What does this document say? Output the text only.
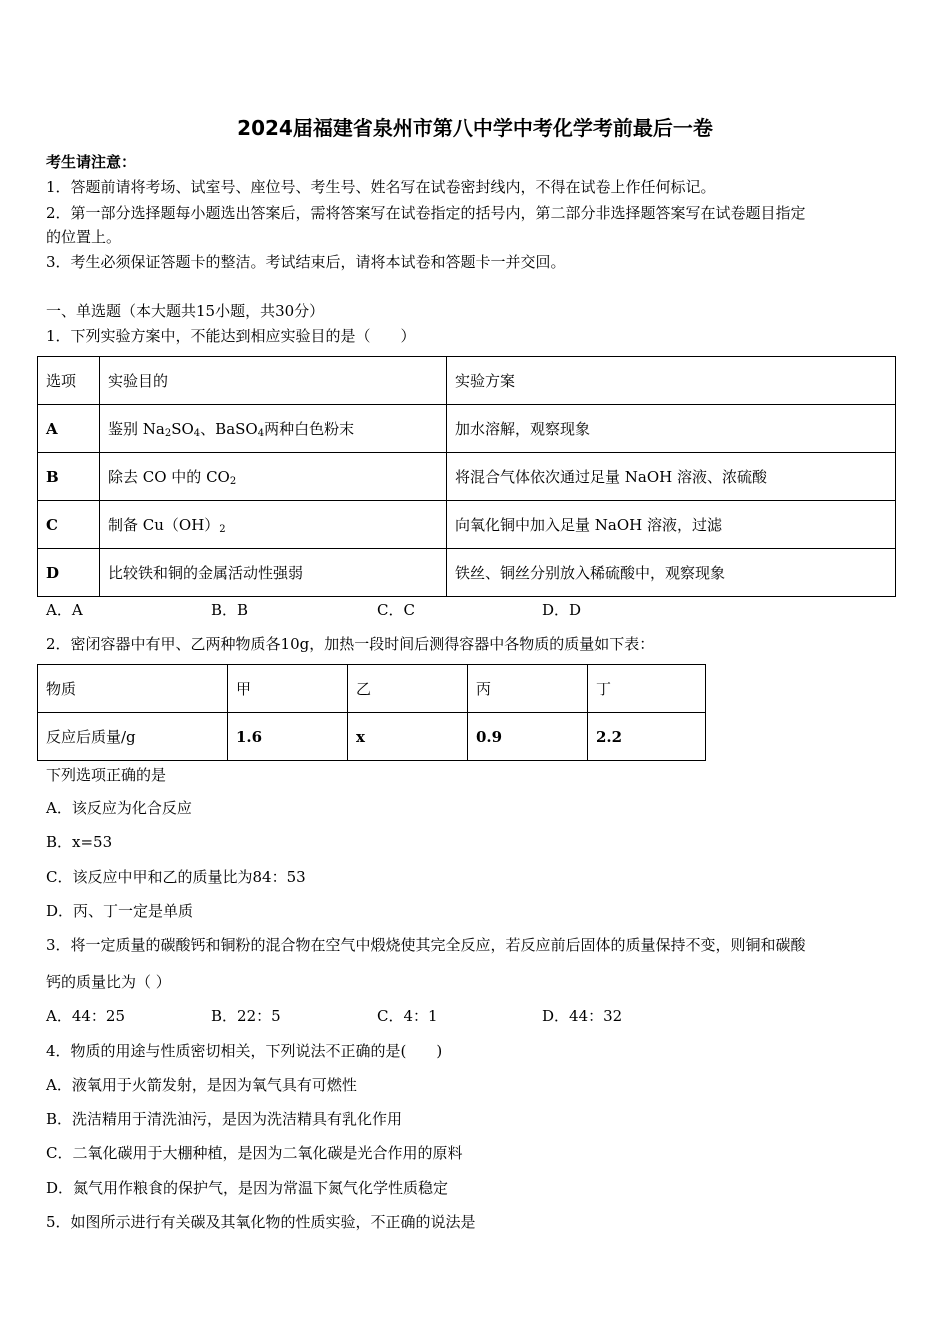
2024届福建省泉州市第八中学中考化学考前最后一卷
考生请注意：
1．答题前请将考场、试室号、座位号、考生号、姓名写在试卷密封线内，不得在试卷上作任何标记。
2．第一部分选择题每小题选出答案后，需将答案写在试卷指定的括号内，第二部分非选择题答案写在试卷题目指定
的位置上。
3．考生必须保证答题卡的整洁。考试结束后，请将本试卷和答题卡一并交回。
一、单选题（本大题共15小题，共30分）
1．下列实验方案中，不能达到相应实验目的是（　　）
选项	实验目的	实验方案
A	鉴别 $Na_2SO_4$、BaSO$_4$两种白色粉末	加水溶解，观察现象
B	除去 CO 中的 $CO_2$	将混合气体依次通过足量 NaOH 溶液、浓硫酸
C	制备 $Cu(OH)_2$	向氧化铜中加入足量 NaOH 溶液，过滤
D	比较铁和铜的金属活动性强弱	铁丝、铜丝分别放入稀硫酸中，观察现象
A．A	B．B	C．C	D．D
2．密闭容器中有甲、乙两种物质各10g，加热一段时间后测得容器中各物质的质量如下表：
物质	甲	乙	丙	丁
反应后质量/g	1.6	x	0.9	2.2
下列选项正确的是
A．该反应为化合反应
B．x=53
C．该反应中甲和乙的质量比为84：53
D．丙、丁一定是单质
3．将一定质量的碳酸钙和铜粉的混合物在空气中煅烧使其完全反应，若反应前后固体的质量保持不变，则铜和碳酸
钙的质量比为（ ）
A．44：25	B．22：5	C．4：1	D．44：32
4．物质的用途与性质密切相关，下列说法不正确的是(　　)
A．液氧用于火箭发射，是因为氧气具有可燃性
B．洗洁精用于清洗油污，是因为洗洁精具有乳化作用
C．二氧化碳用于大棚种植，是因为二氧化碳是光合作用的原料
D．氮气用作粮食的保护气，是因为常温下氮气化学性质稳定
5．如图所示进行有关碳及其氧化物的性质实验，不正确的说法是
